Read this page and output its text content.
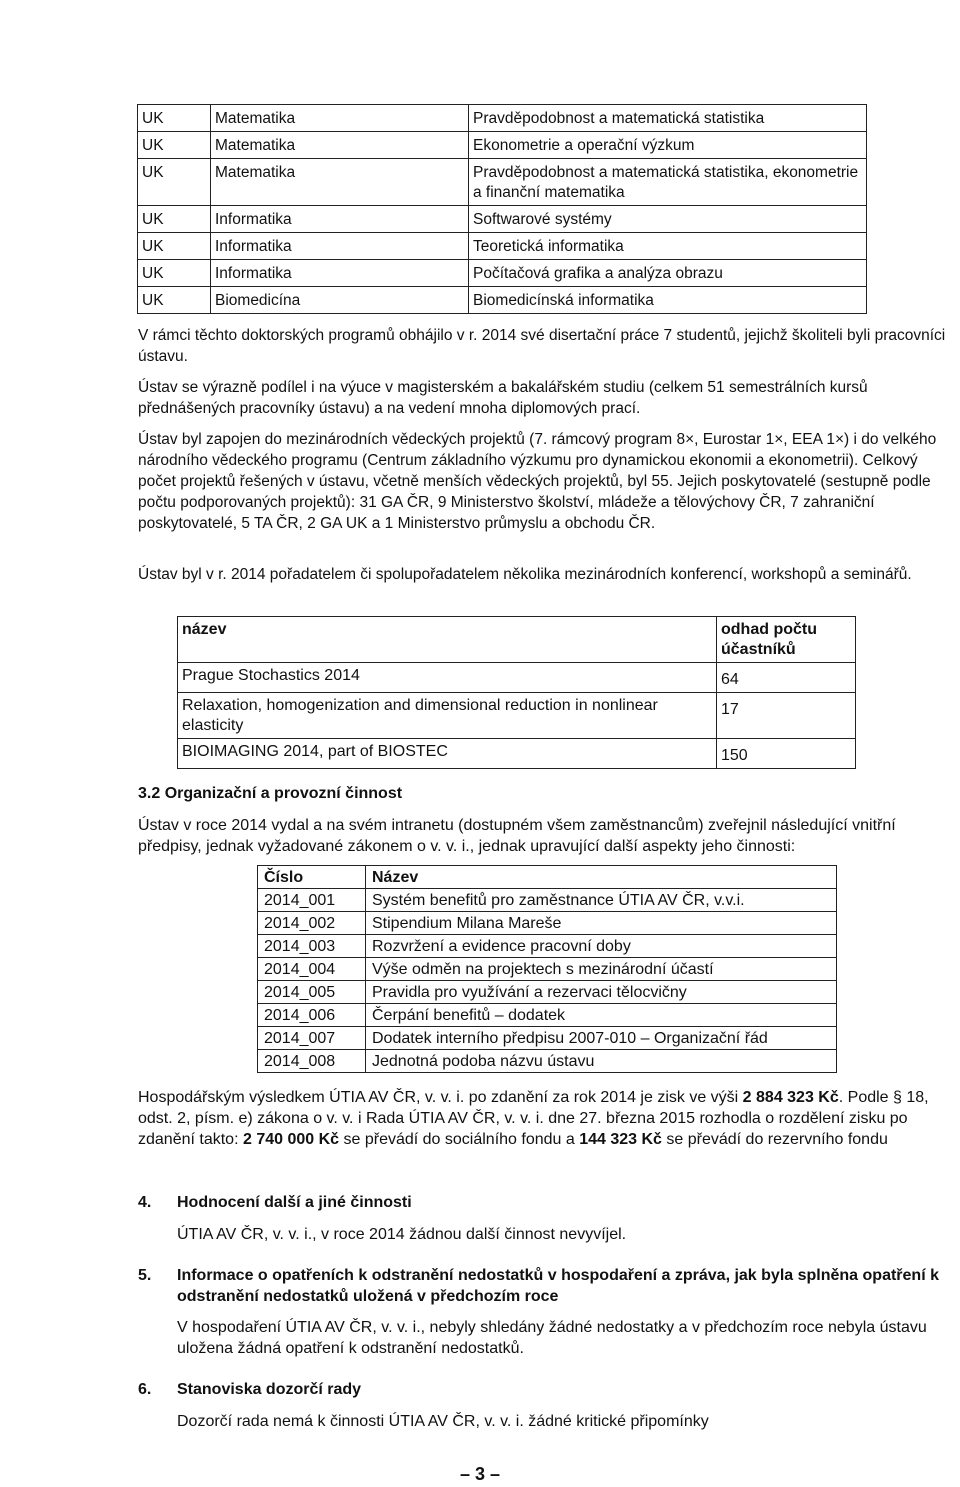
UK	Matematika	Pravděpodobnost a matematická statistika
UK	Matematika	Ekonometrie a operační výzkum
UK	Matematika	Pravděpodobnost a matematická statistika, ekonometrie a finanční matematika
UK	Informatika	Softwarové systémy
UK	Informatika	Teoretická informatika
UK	Informatika	Počítačová grafika a analýza obrazu
UK	Biomedicína	Biomedicínská informatika

V rámci těchto doktorských programů obhájilo v r. 2014 své disertační práce 7 studentů, jejichž školiteli byli pracovníci ústavu.

Ústav se výrazně podílel i na výuce v magisterském a bakalářském studiu (celkem 51 semestrálních kursů přednášených pracovníky ústavu) a na vedení mnoha diplomových prací.

Ústav byl zapojen do mezinárodních vědeckých projektů (7. rámcový program 8×, Eurostar 1×, EEA 1×) i do velkého národního vědeckého programu (Centrum základního výzkumu pro dynamickou ekonomii a ekonometrii). Celkový počet projektů řešených v ústavu, včetně menších vědeckých projektů, byl 55. Jejich poskytovatelé (sestupně podle počtu podporovaných projektů): 31 GA ČR, 9 Ministerstvo školství, mládeže a tělovýchovy ČR, 7 zahraniční poskytovatelé, 5 TA ČR, 2 GA UK a 1 Ministerstvo průmyslu a obchodu ČR.

Ústav byl v r. 2014 pořadatelem či spolupořadatelem několika mezinárodních konferencí, workshopů a seminářů.

název	odhad počtu účastníků
Prague Stochastics 2014	64
Relaxation, homogenization and dimensional reduction in nonlinear elasticity	17
BIOIMAGING 2014, part of BIOSTEC	150
3.2 Organizační a provozní činnost

Ústav v roce 2014 vydal a na svém intranetu (dostupném všem zaměstnancům) zveřejnil následující vnitřní předpisy, jednak vyžadované zákonem o v. v. i., jednak upravující další aspekty jeho činnosti:

Číslo	Název
2014_001	Systém benefitů pro zaměstnance ÚTIA AV ČR, v.v.i.
2014_002	Stipendium Milana Mareše
2014_003	Rozvržení a evidence pracovní doby
2014_004	Výše odměn na projektech s mezinárodní účastí
2014_005	Pravidla pro využívání a rezervaci tělocvičny
2014_006	Čerpání benefitů – dodatek
2014_007	Dodatek interního předpisu 2007-010 – Organizační řád
2014_008	Jednotná podoba názvu ústavu

Hospodářským výsledkem ÚTIA AV ČR, v. v. i. po zdanění za rok 2014 je zisk ve výši 2 884 323 Kč. Podle § 18, odst. 2, písm. e) zákona o v. v. i Rada ÚTIA AV ČR, v. v. i. dne 27. března 2015 rozhodla o rozdělení zisku po zdanění takto: 2 740 000 Kč se převádí do sociálního fondu a 144 323 Kč se převádí do rezervního fondu

4. Hodnocení další a jiné činnosti

ÚTIA AV ČR, v. v. i., v roce 2014 žádnou další činnost nevyvíjel.

5. Informace o opatřeních k odstranění nedostatků v hospodaření a zpráva, jak byla splněna opatření k odstranění nedostatků uložená v předchozím roce

V hospodaření ÚTIA AV ČR, v. v. i., nebyly shledány žádné nedostatky a v předchozím roce nebyla ústavu uložena žádná opatření k odstranění nedostatků.

6. Stanoviska dozorčí rady

Dozorčí rada nemá k činnosti ÚTIA AV ČR, v. v. i. žádné kritické připomínky

– 3 –
